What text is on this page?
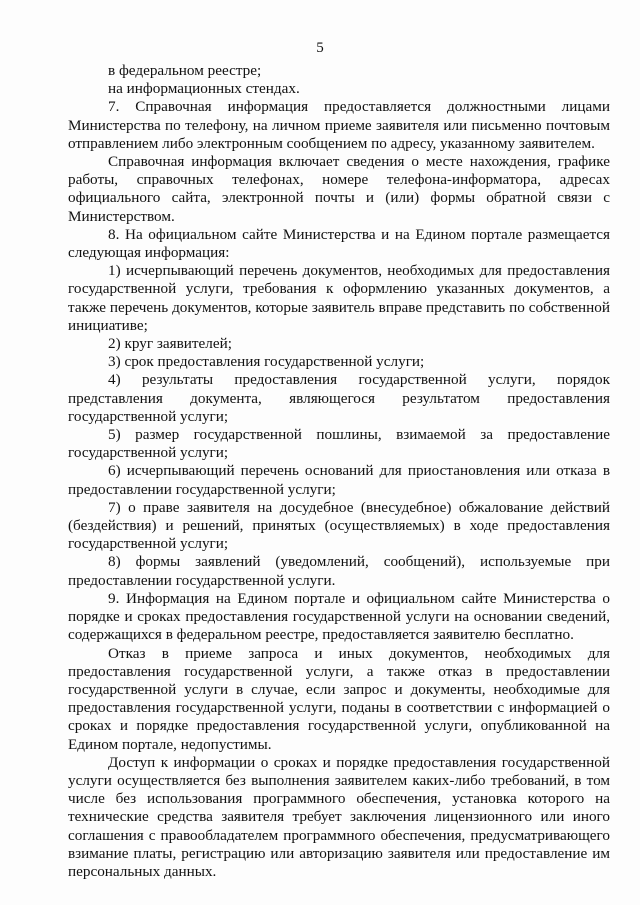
5

в федеральном реестре;

на информационных стендах.

7. Справочная информация предоставляется должностными лицами Министерства по телефону, на личном приеме заявителя или письменно почтовым отправлением либо электронным сообщением по адресу, указанному заявителем.

Справочная информация включает сведения о месте нахождения, графике работы, справочных телефонах, номере телефона-информатора, адресах официального сайта, электронной почты и (или) формы обратной связи с Министерством.

8. На официальном сайте Министерства и на Едином портале размещается следующая информация:

1) исчерпывающий перечень документов, необходимых для предоставления государственной услуги, требования к оформлению указанных документов, а также перечень документов, которые заявитель вправе представить по собственной инициативе;

2) круг заявителей;

3) срок предоставления государственной услуги;

4) результаты предоставления государственной услуги, порядок представления документа, являющегося результатом предоставления государственной услуги;

5) размер государственной пошлины, взимаемой за предоставление государственной услуги;

6) исчерпывающий перечень оснований для приостановления или отказа в предоставлении государственной услуги;

7) о праве заявителя на досудебное (внесудебное) обжалование действий (бездействия) и решений, принятых (осуществляемых) в ходе предоставления государственной услуги;

8) формы заявлений (уведомлений, сообщений), используемые при предоставлении государственной услуги.

9. Информация на Едином портале и официальном сайте Министерства о порядке и сроках предоставления государственной услуги на основании сведений, содержащихся в федеральном реестре, предоставляется заявителю бесплатно.

Отказ в приеме запроса и иных документов, необходимых для предоставления государственной услуги, а также отказ в предоставлении государственной услуги в случае, если запрос и документы, необходимые для предоставления государственной услуги, поданы в соответствии с информацией о сроках и порядке предоставления государственной услуги, опубликованной на Едином портале, недопустимы.

Доступ к информации о сроках и порядке предоставления государственной услуги осуществляется без выполнения заявителем каких-либо требований, в том числе без использования программного обеспечения, установка которого на технические средства заявителя требует заключения лицензионного или иного соглашения с правообладателем программного обеспечения, предусматривающего взимание платы, регистрацию или авторизацию заявителя или предоставление им персональных данных.
